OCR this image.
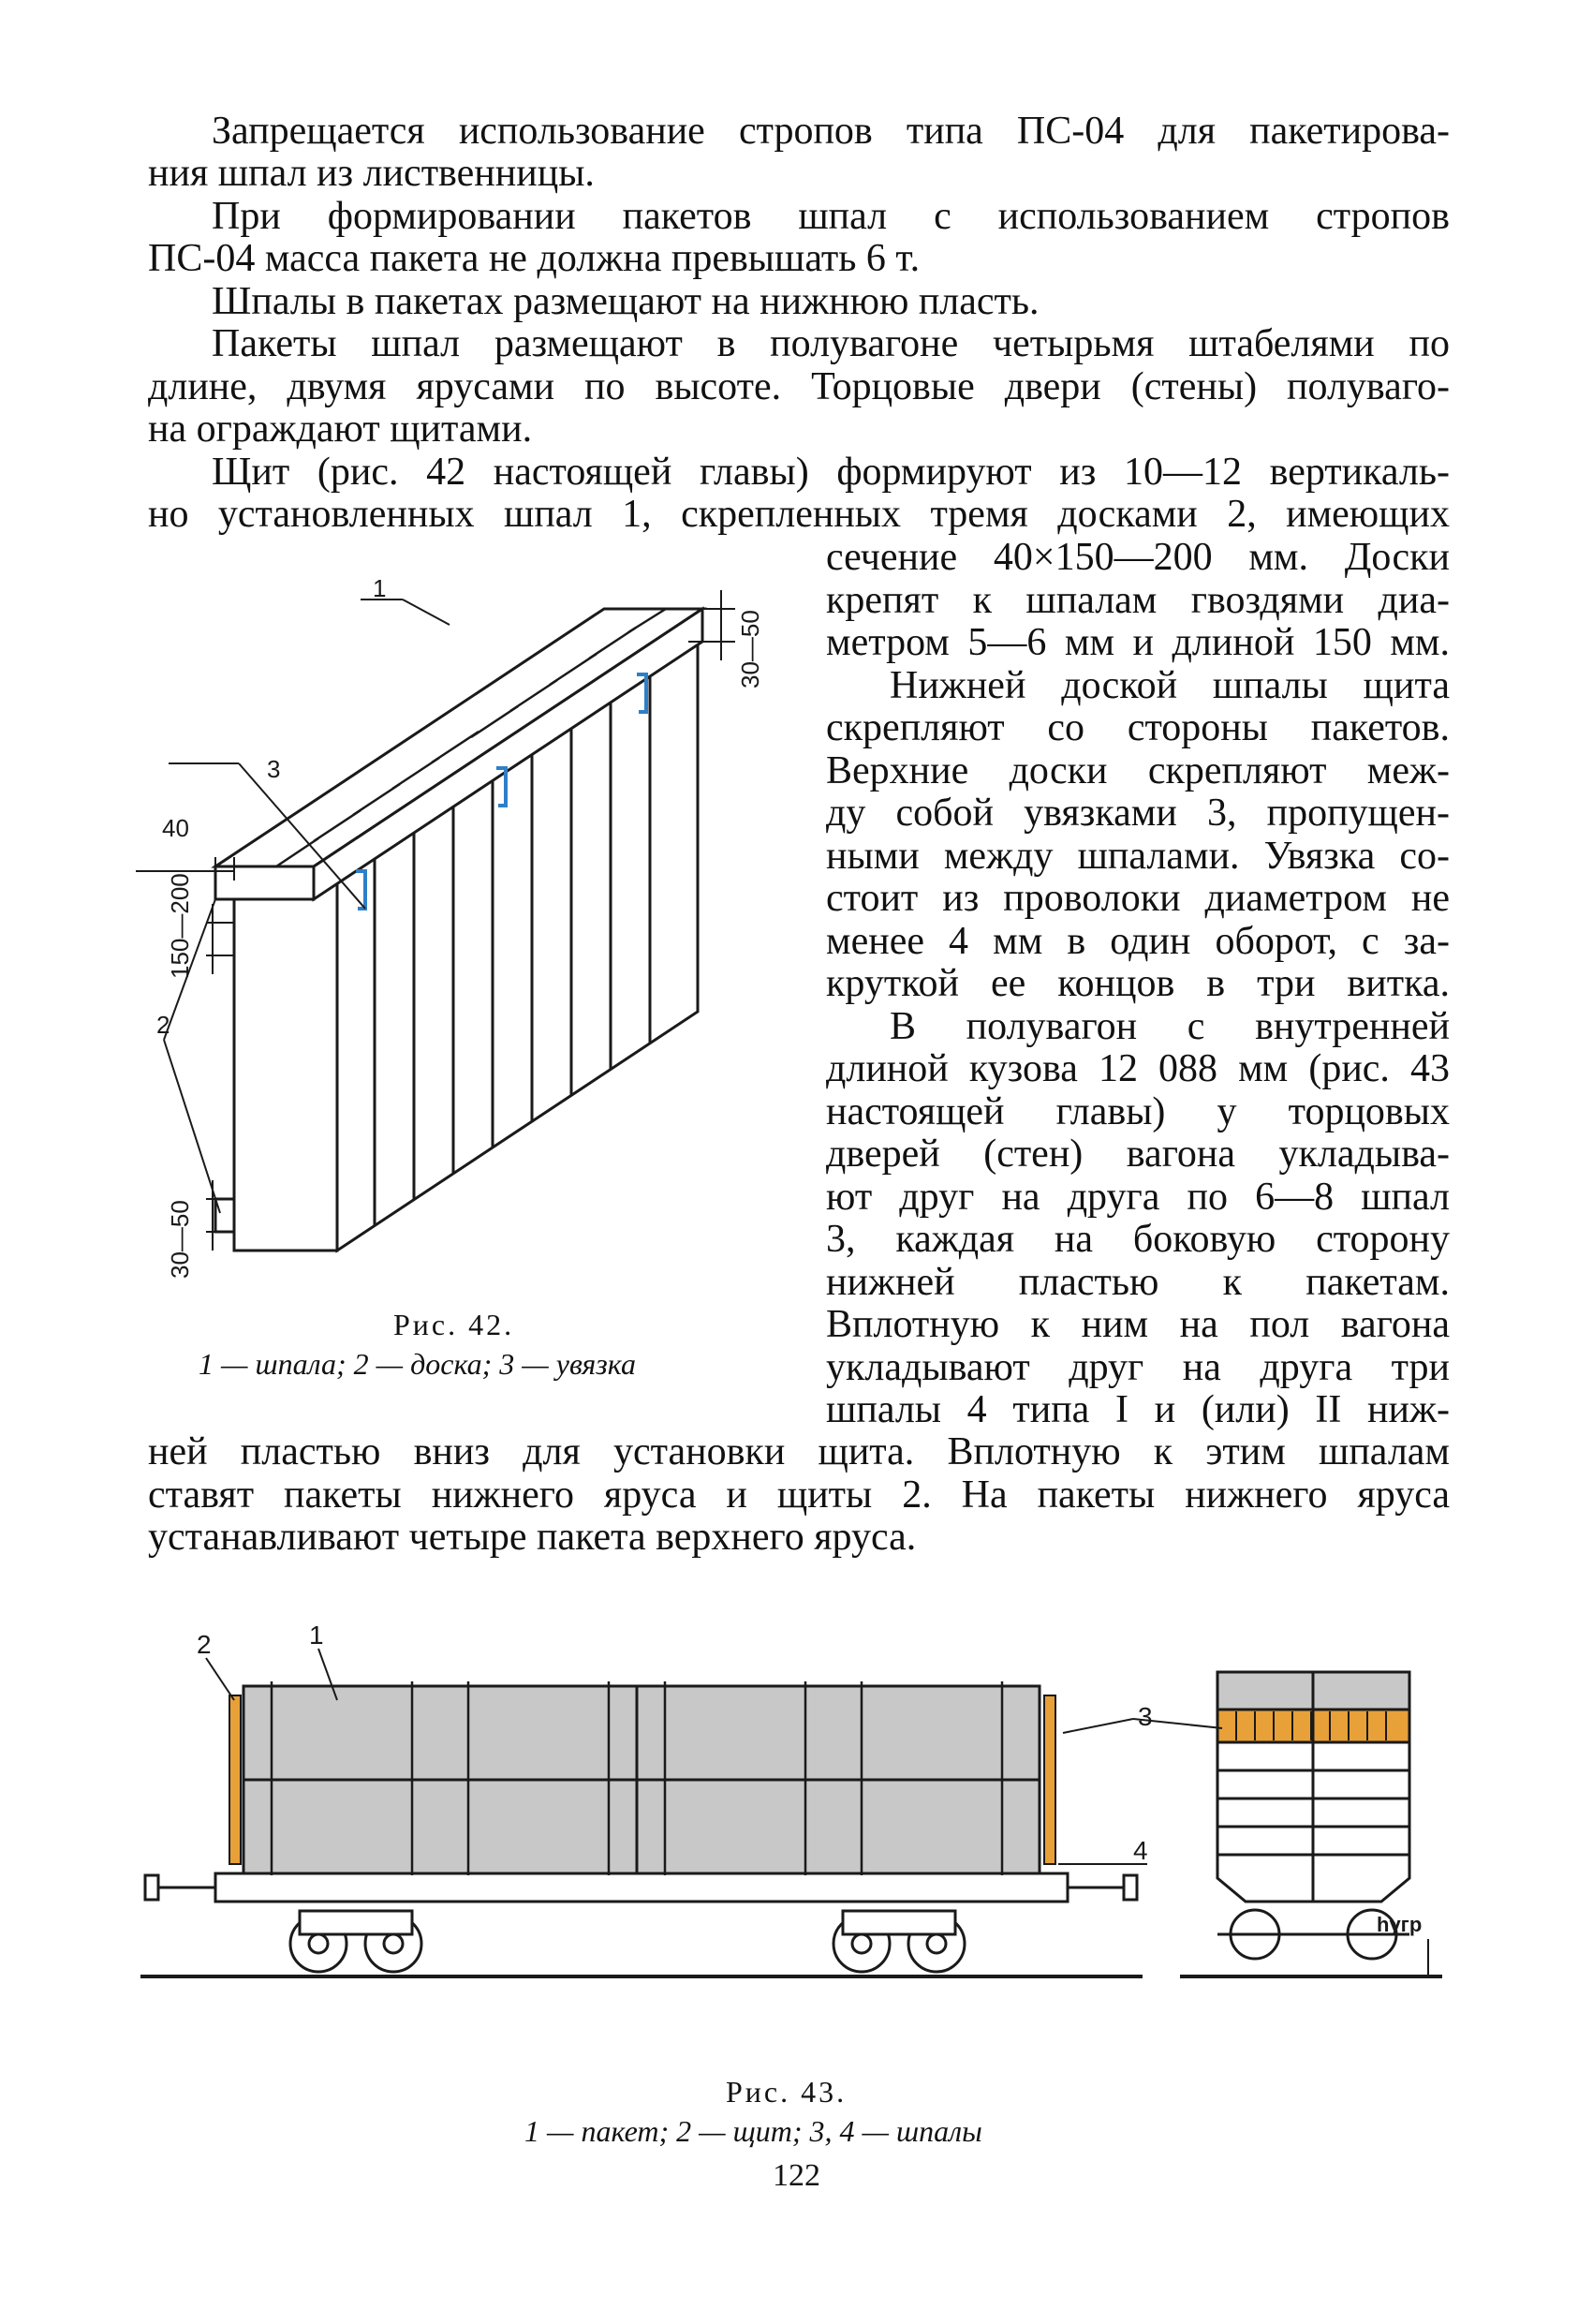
Запрещается использование стропов типа ПС-04 для пакетирова-
ния шпал из лиственницы.
При формировании пакетов шпал с использованием стропов
ПС-04 масса пакета не должна превышать 6 т.
Шпалы в пакетах размещают на нижнюю пласть.
Пакеты шпал размещают в полувагоне четырьмя штабелями по
длине, двумя ярусами по высоте. Торцовые двери (стены) полуваго-
на ограждают щитами.
Щит (рис. 42 настоящей главы) формируют из 10—12 вертикаль-
но установленных шпал 1, скрепленных тремя досками 2, имеющих
сечение 40×150—200 мм. Доски
крепят к шпалам гвоздями диа-
метром 5—6 мм и длиной 150 мм.
Нижней доской шпалы щита
скрепляют со стороны пакетов.
Верхние доски скрепляют меж-
ду собой увязками 3, пропущен-
ными между шпалами. Увязка со-
стоит из проволоки диаметром не
менее 4 мм в один оборот, с за-
круткой ее концов в три витка.
В полувагон с внутренней
длиной кузова 12 088 мм (рис. 43
настоящей главы) у торцовых
дверей (стен) вагона укладыва-
ют друг на друга по 6—8 шпал
3, каждая на боковую сторону
нижней пластью к пакетам.
Вплотную к ним на пол вагона
укладывают друг на друга три
шпалы 4 типа I и (или) II ниж-
ней пластью вниз для установки щита. Вплотную к этим шпалам
ставят пакеты нижнего яруса и щиты 2. На пакеты нижнего яруса
устанавливают четыре пакета верхнего яруса.
1
3
40
2
150—200
30—50
30—50
Рис. 42.
1 — шпала; 2 — доска; 3 — увязка
2	1
3
4
hугр
Рис. 43.
1 — пакет; 2 — щит; 3, 4 — шпалы
122
